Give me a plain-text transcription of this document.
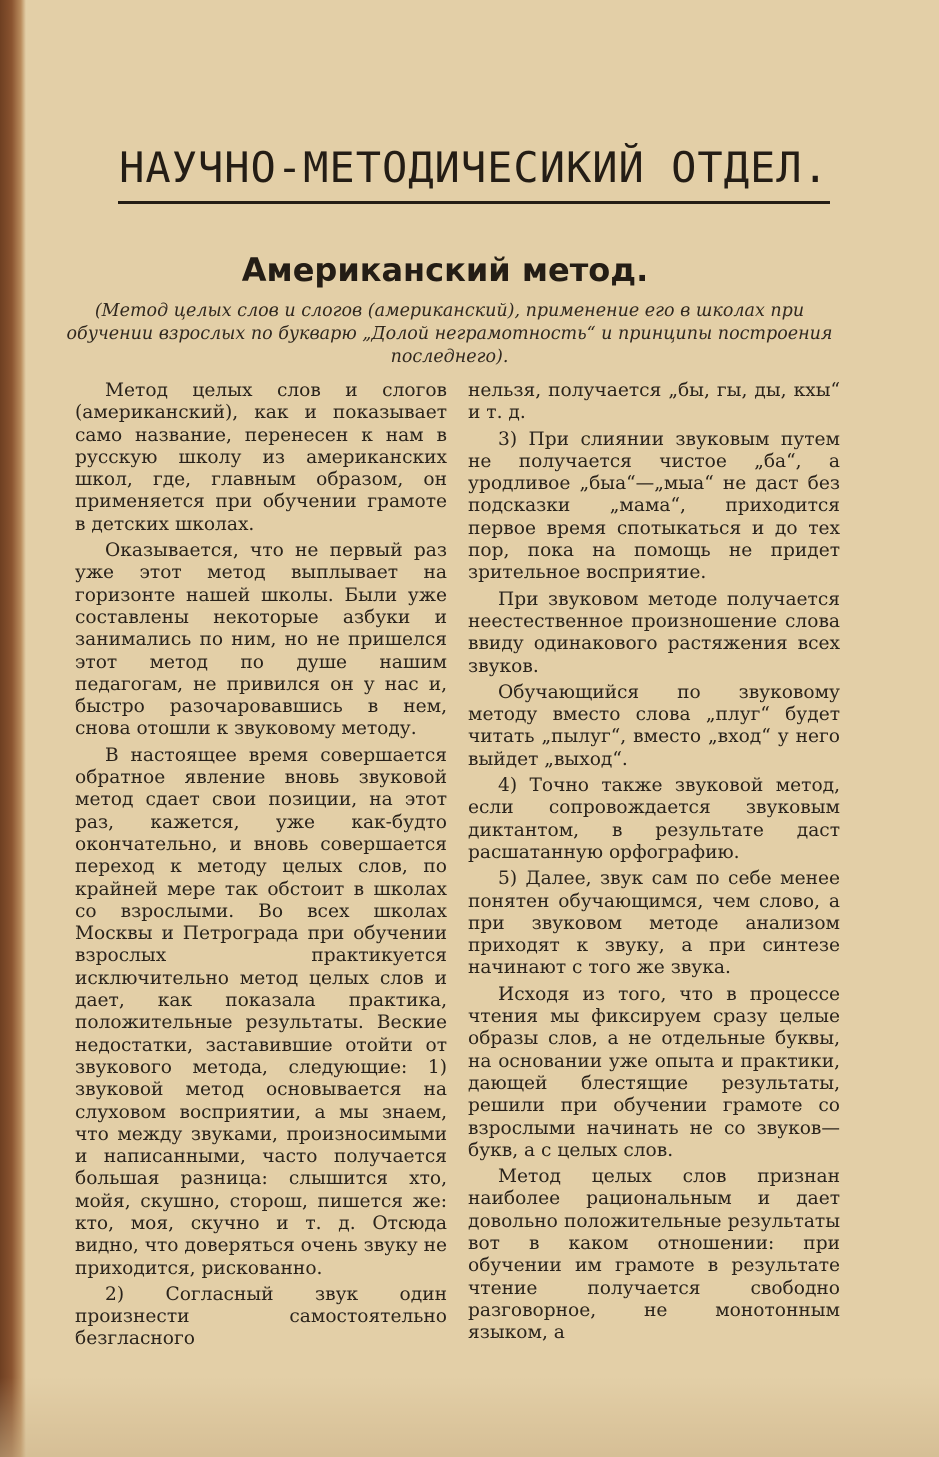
НАУЧНО-МЕТОДИЧЕСИКИЙ ОТДЕЛ.
Американский метод.

(Метод целых слов и слогов (американский), применение его в школах при обучении взрослых по букварю „Долой неграмотность“ и принципы построения последнего).

Метод целых слов и слогов (американский), как и показывает само название, перенесен к нам в русскую школу из американских школ, где, главным образом, он применяется при обучении грамоте в детских школах.

Оказывается, что не первый раз уже этот метод выплывает на горизонте нашей школы. Были уже составлены некоторые азбуки и занимались по ним, но не пришелся этот метод по душе нашим педагогам, не привился он у нас и, быстро разочаровавшись в нем, снова отошли к звуковому методу.

В настоящее время совершается обратное явление вновь звуковой метод сдает свои позиции, на этот раз, кажется, уже как-будто окончательно, и вновь совершается переход к методу целых слов, по крайней мере так обстоит в школах со взрослыми. Во всех школах Москвы и Петрограда при обучении взрослых практикуется исключительно метод целых слов и дает, как показала практика, положительные результаты. Веские недостатки, заставившие отойти от звукового метода, следующие: 1) звуковой метод основывается на слуховом восприятии, а мы знаем, что между звуками, произносимыми и написанными, часто получается большая разница: слышится хто, мойя, скушно, сторош, пишется же: кто, моя, скучно и т. д. Отсюда видно, что доверяться очень звуку не приходится, рискованно.

2) Согласный звук один произнести самостоятельно безгласного

нельзя, получается „бы, гы, ды, кхы“ и т. д.

3) При слиянии звуковым путем не получается чистое „ба“, а уродливое „быа“—„мыа“ не даст без подсказки „мама“, приходится первое время спотыкаться и до тех пор, пока на помощь не придет зрительное восприятие.

При звуковом методе получается неестественное произношение слова ввиду одинакового растяжения всех звуков.

Обучающийся по звуковому методу вместо слова „плуг“ будет читать „пылуг“, вместо „вход“ у него выйдет „выход“.

4) Точно также звуковой метод, если сопровождается звуковым диктантом, в результате даст расшатанную орфографию.

5) Далее, звук сам по себе менее понятен обучающимся, чем слово, а при звуковом методе анализом приходят к звуку, а при синтезе начинают с того же звука.

Исходя из того, что в процессе чтения мы фиксируем сразу целые образы слов, а не отдельные буквы, на основании уже опыта и практики, дающей блестящие результаты, решили при обучении грамоте со взрослыми начинать не со звуков—букв, а с целых слов.

Метод целых слов признан наиболее рациональным и дает довольно положительные результаты вот в каком отношении: при обучении им грамоте в результате чтение получается свободно разговорное, не монотонным языком, а
